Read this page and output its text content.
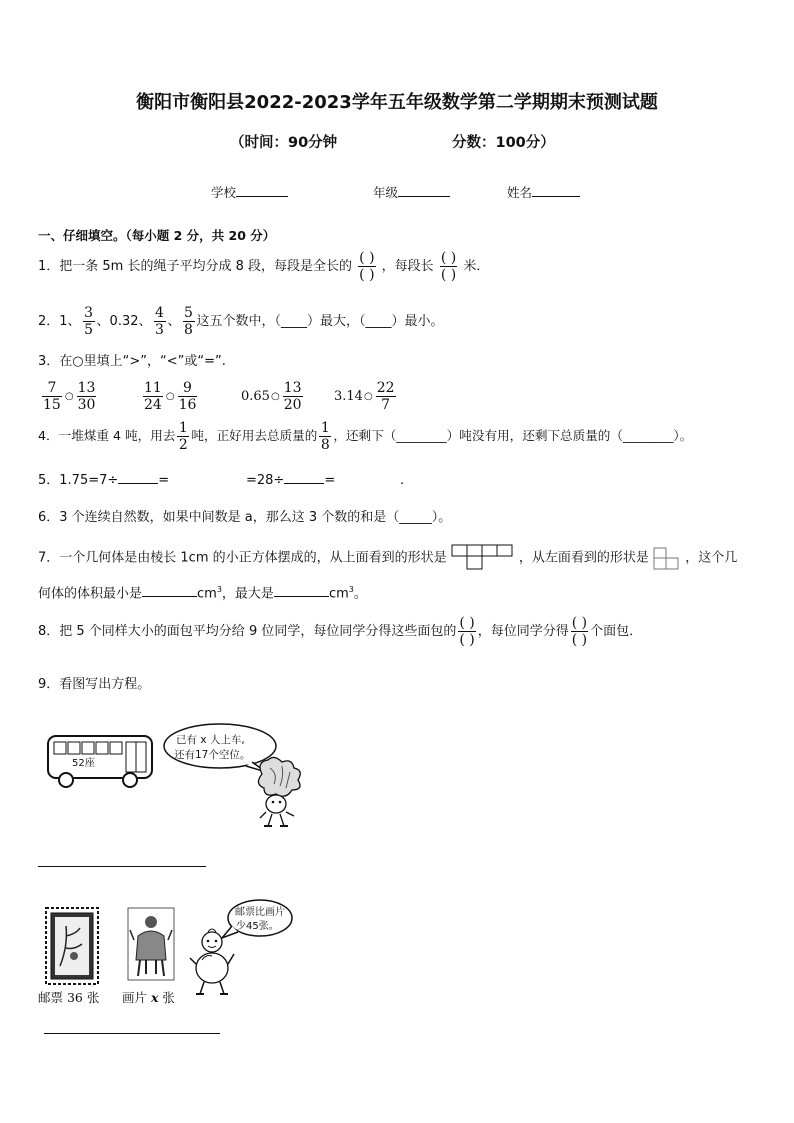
衡阳市衡阳县2022-2023学年五年级数学第二学期期末预测试题
（时间：90分钟	分数：100分）
学校	年级	姓名
一、仔细填空。（每小题 2 分，共 20 分）
1．把一条 5m 长的绳子平均分成 8 段，每段是全长的 $\frac{( )}{( )}$ ，每段长 $\frac{( )}{( )}$ 米．
2．1、 $\frac{3}{5}$ 、0.32、 $\frac{4}{3}$ 、 $\frac{5}{8}$ 这五个数中，（____）最大，（____）最小。
3．在○里填上“>”，“<”或“=”.
$\frac{7}{15}$ ○ $\frac{13}{30}$	$\frac{11}{24}$ ○ $\frac{9}{16}$	0.65 ○ $\frac{13}{20} 3.14$ ○ $\frac{22}{7}$
4．一堆煤重 4 吨，用去 $\frac{1}{2}$ 吨，正好用去总质量的 $\frac{1}{8}$ ，还剩下（________）吨没有用，还剩下总质量的（________）。
5．1.75=7÷	=	=28÷	=	.
6．3 个连续自然数，如果中间数是 a，那么这 3 个数的和是（_____）。
7．一个几何体是由棱长 1cm 的小正方体摆成的，从上面看到的形状是	，从左面看到的形状是	，这个几
何体的体积最小是	$cm^3$，最大是	$cm^3$。
8．把 5 个同样大小的面包平均分给 9 位同学，每位同学分得这些面包的 $\frac{( )}{( )}$ ，每位同学分得 $\frac{( )}{( )}$ 个面包．
9．看图写出方程。
52座
已有 x 人上车,
还有17个空位。
邮票 36 张 画片 x 张
邮票比画片
少45张。
